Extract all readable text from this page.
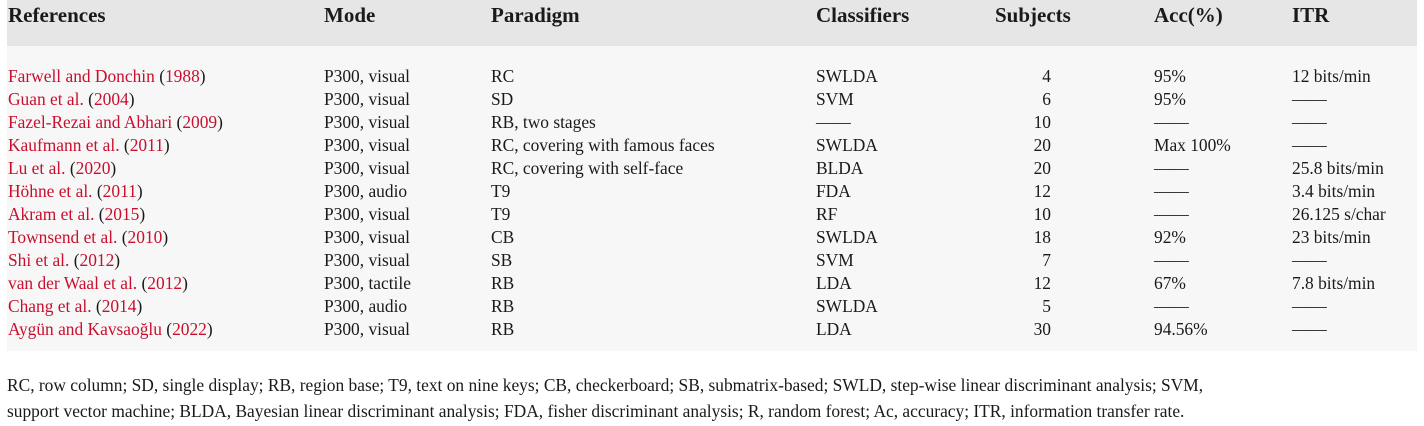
References	Mode	Paradigm	Classifiers	Subjects	Acc(%)	ITR
Farwell and Donchin (1988)	P300, visual	RC	SWLDA	4	95%	12 bits/min
Guan et al. (2004)	P300, visual	SD	SVM	6	95%	——
Fazel-Rezai and Abhari (2009)	P300, visual	RB, two stages	——	10	——	——
Kaufmann et al. (2011)	P300, visual	RC, covering with famous faces	SWLDA	20	Max 100%	——
Lu et al. (2020)	P300, visual	RC, covering with self-face	BLDA	20	——	25.8 bits/min
Höhne et al. (2011)	P300, audio	T9	FDA	12	——	3.4 bits/min
Akram et al. (2015)	P300, visual	T9	RF	10	——	26.125 s/char
Townsend et al. (2010)	P300, visual	CB	SWLDA	18	92%	23 bits/min
Shi et al. (2012)	P300, visual	SB	SVM	7	——	——
van der Waal et al. (2012)	P300, tactile	RB	LDA	12	67%	7.8 bits/min
Chang et al. (2014)	P300, audio	RB	SWLDA	5	——	——
Aygün and Kavsaoğlu (2022)	P300, visual	RB	LDA	30	94.56%	——
RC, row column; SD, single display; RB, region base; T9, text on nine keys; CB, checkerboard; SB, submatrix-based; SWLD, step-wise linear discriminant analysis; SVM,
support vector machine; BLDA, Bayesian linear discriminant analysis; FDA, fisher discriminant analysis; R, random forest; Ac, accuracy; ITR, information transfer rate.
